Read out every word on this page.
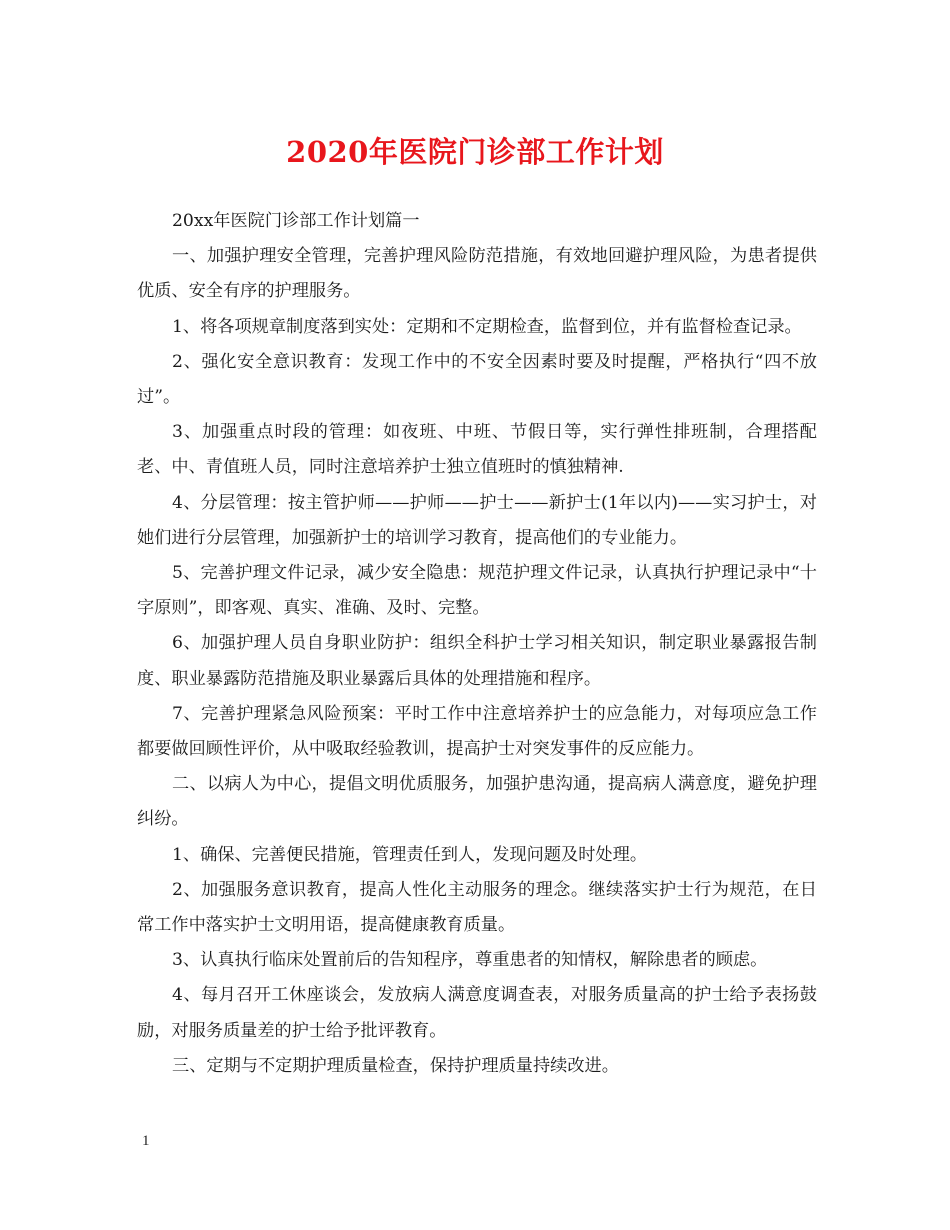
2020年医院门诊部工作计划

20xx年医院门诊部工作计划篇一

一、加强护理安全管理，完善护理风险防范措施，有效地回避护理风险，为患者提供优质、安全有序的护理服务。

1、将各项规章制度落到实处：定期和不定期检查，监督到位，并有监督检查记录。

2、强化安全意识教育：发现工作中的不安全因素时要及时提醒，严格执行“四不放过”。

3、加强重点时段的管理：如夜班、中班、节假日等，实行弹性排班制，合理搭配老、中、青值班人员，同时注意培养护士独立值班时的慎独精神.

4、分层管理：按主管护师——护师——护士——新护士(1年以内)——实习护士，对她们进行分层管理，加强新护士的培训学习教育，提高他们的专业能力。

5、完善护理文件记录，减少安全隐患：规范护理文件记录，认真执行护理记录中“十字原则”，即客观、真实、准确、及时、完整。

6、加强护理人员自身职业防护：组织全科护士学习相关知识，制定职业暴露报告制度、职业暴露防范措施及职业暴露后具体的处理措施和程序。

7、完善护理紧急风险预案：平时工作中注意培养护士的应急能力，对每项应急工作都要做回顾性评价，从中吸取经验教训，提高护士对突发事件的反应能力。

二、以病人为中心，提倡文明优质服务，加强护患沟通，提高病人满意度，避免护理纠纷。

1、确保、完善便民措施，管理责任到人，发现问题及时处理。

2、加强服务意识教育，提高人性化主动服务的理念。继续落实护士行为规范，在日常工作中落实护士文明用语，提高健康教育质量。

3、认真执行临床处置前后的告知程序，尊重患者的知情权，解除患者的顾虑。

4、每月召开工休座谈会，发放病人满意度调查表，对服务质量高的护士给予表扬鼓励，对服务质量差的护士给予批评教育。

三、定期与不定期护理质量检查，保持护理质量持续改进。

1
